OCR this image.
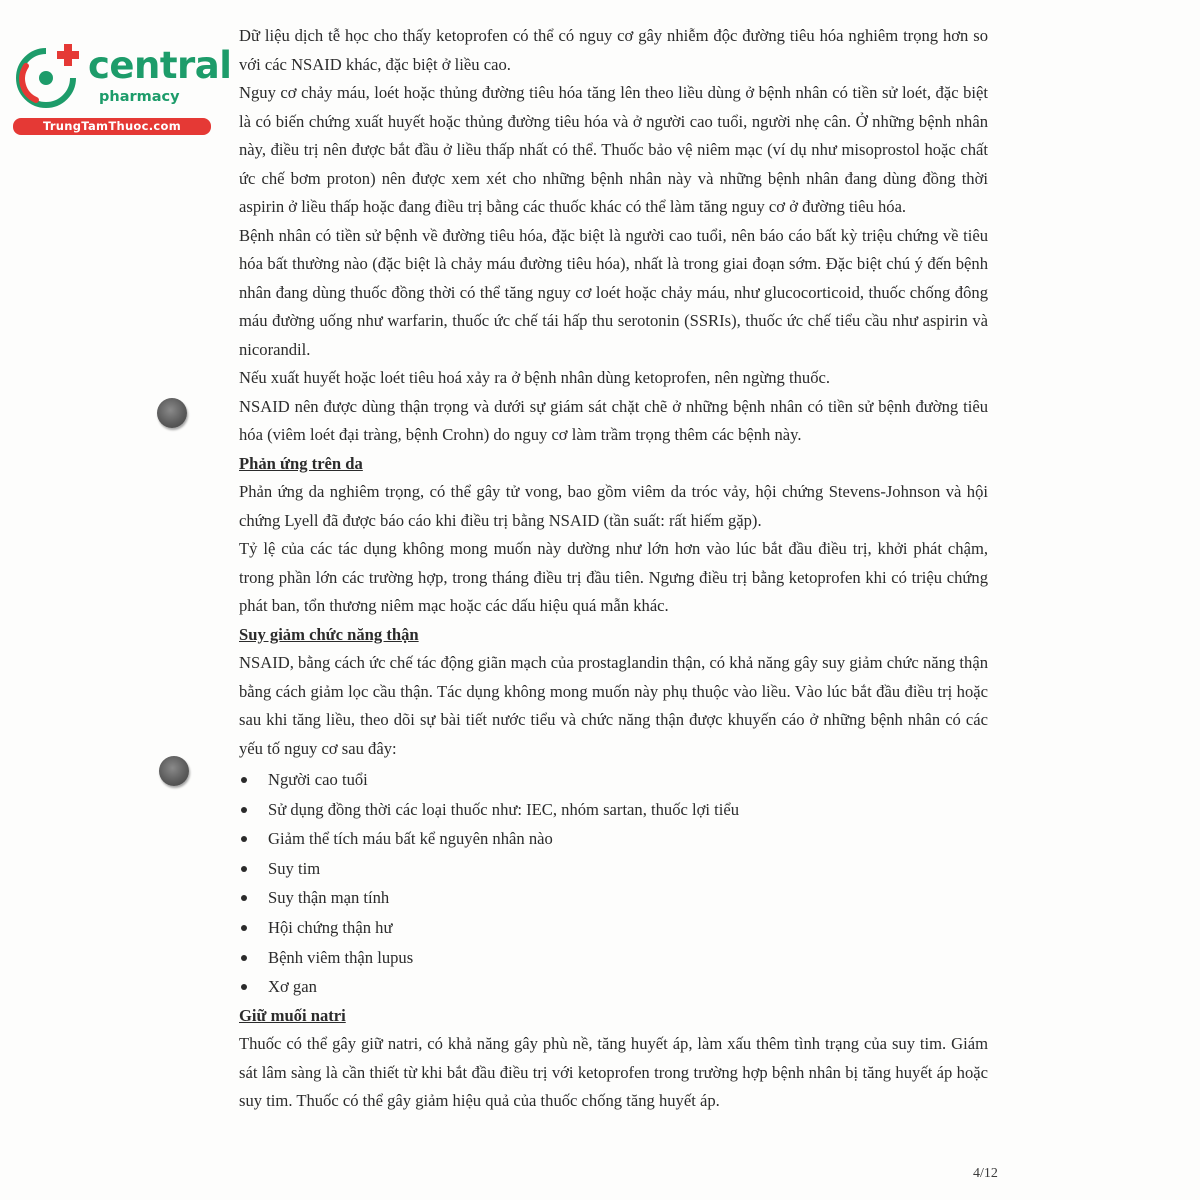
central
pharmacy
TrungTamThuoc.com

Dữ liệu dịch tễ học cho thấy ketoprofen có thể có nguy cơ gây nhiễm độc đường tiêu hóa nghiêm trọng hơn so với các NSAID khác, đặc biệt ở liều cao.

Nguy cơ chảy máu, loét hoặc thủng đường tiêu hóa tăng lên theo liều dùng ở bệnh nhân có tiền sử loét, đặc biệt là có biến chứng xuất huyết hoặc thủng đường tiêu hóa và ở người cao tuổi, người nhẹ cân. Ở những bệnh nhân này, điều trị nên được bắt đầu ở liều thấp nhất có thể. Thuốc bảo vệ niêm mạc (ví dụ như misoprostol hoặc chất ức chế bơm proton) nên được xem xét cho những bệnh nhân này và những bệnh nhân đang dùng đồng thời aspirin ở liều thấp hoặc đang điều trị bằng các thuốc khác có thể làm tăng nguy cơ ở đường tiêu hóa.

Bệnh nhân có tiền sử bệnh về đường tiêu hóa, đặc biệt là người cao tuổi, nên báo cáo bất kỳ triệu chứng về tiêu hóa bất thường nào (đặc biệt là chảy máu đường tiêu hóa), nhất là trong giai đoạn sớm. Đặc biệt chú ý đến bệnh nhân đang dùng thuốc đồng thời có thể tăng nguy cơ loét hoặc chảy máu, như glucocorticoid, thuốc chống đông máu đường uống như warfarin, thuốc ức chế tái hấp thu serotonin (SSRIs), thuốc ức chế tiểu cầu như aspirin và nicorandil.

Nếu xuất huyết hoặc loét tiêu hoá xảy ra ở bệnh nhân dùng ketoprofen, nên ngừng thuốc.

NSAID nên được dùng thận trọng và dưới sự giám sát chặt chẽ ở những bệnh nhân có tiền sử bệnh đường tiêu hóa (viêm loét đại tràng, bệnh Crohn) do nguy cơ làm trầm trọng thêm các bệnh này.

Phản ứng trên da

Phản ứng da nghiêm trọng, có thể gây tử vong, bao gồm viêm da tróc vảy, hội chứng Stevens-Johnson và hội chứng Lyell đã được báo cáo khi điều trị bằng NSAID (tần suất: rất hiếm gặp).

Tỷ lệ của các tác dụng không mong muốn này dường như lớn hơn vào lúc bắt đầu điều trị, khởi phát chậm, trong phần lớn các trường hợp, trong tháng điều trị đầu tiên. Ngưng điều trị bằng ketoprofen khi có triệu chứng phát ban, tổn thương niêm mạc hoặc các dấu hiệu quá mẫn khác.

Suy giảm chức năng thận

NSAID, bằng cách ức chế tác động giãn mạch của prostaglandin thận, có khả năng gây suy giảm chức năng thận bằng cách giảm lọc cầu thận. Tác dụng không mong muốn này phụ thuộc vào liều. Vào lúc bắt đầu điều trị hoặc sau khi tăng liều, theo dõi sự bài tiết nước tiểu và chức năng thận được khuyến cáo ở những bệnh nhân có các yếu tố nguy cơ sau đây:

Người cao tuổi
Sử dụng đồng thời các loại thuốc như: IEC, nhóm sartan, thuốc lợi tiểu
Giảm thể tích máu bất kể nguyên nhân nào
Suy tim
Suy thận mạn tính
Hội chứng thận hư
Bệnh viêm thận lupus
Xơ gan
Giữ muối natri

Thuốc có thể gây giữ natri, có khả năng gây phù nề, tăng huyết áp, làm xấu thêm tình trạng của suy tim. Giám sát lâm sàng là cần thiết từ khi bắt đầu điều trị với ketoprofen trong trường hợp bệnh nhân bị tăng huyết áp hoặc suy tim. Thuốc có thể gây giảm hiệu quả của thuốc chống tăng huyết áp.

4/12
